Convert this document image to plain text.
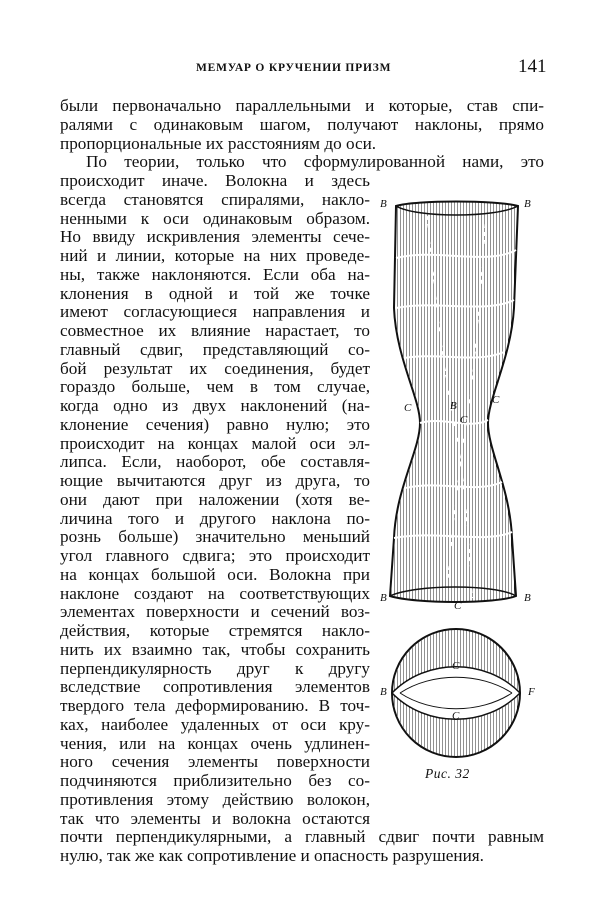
МЕМУАР О КРУЧЕНИИ ПРИЗМ	141
были первоначально параллельными и которые, став спи-
ралями с одинаковым шагом, получают наклоны, прямо
пропорциональные их расстояниям до оси.
По теории, только что сформулированной нами, это
происходит иначе. Волокна и здесь
всегда становятся спиралями, накло-
ненными к оси одинаковым образом.
Но ввиду искривления элементы сече-
ний и линии, которые на них проведе-
ны, также наклоняются. Если оба на-
клонения в одной и той же точке
имеют согласующиеся направления и
совместное их влияние нарастает, то
главный сдвиг, представляющий со-
бой результат их соединения, будет
гораздо больше, чем в том случае,
когда одно из двух наклонений (на-
клонение сечения) равно нулю; это
происходит на концах малой оси эл-
липса. Если, наоборот, обе составля-
ющие вычитаются друг из друга, то
они дают при наложении (хотя ве-
личина того и другого наклона по-
рознь больше) значительно меньший
угол главного сдвига; это происходит
на концах большой оси. Волокна при
наклоне создают на соответствующих
элементах поверхности и сечений воз-
действия, которые стремятся накло-
нить их взаимно так, чтобы сохранить
перпендикулярность друг к другу
вследствие сопротивления элементов
твердого тела деформированию. В точ-
ках, наиболее удаленных от оси кру-
чения, или на концах очень удлинен-
ного сечения элементы поверхности
подчиняются приблизительно без со-
противления этому действию волокон,
так что элементы и волокна остаются
B	B
C
C
B
C
B
C
B
C
C
B	F
Рис. 32
почти перпендикулярными, а главный сдвиг почти равным
нулю, так же как сопротивление и опасность разрушения.
